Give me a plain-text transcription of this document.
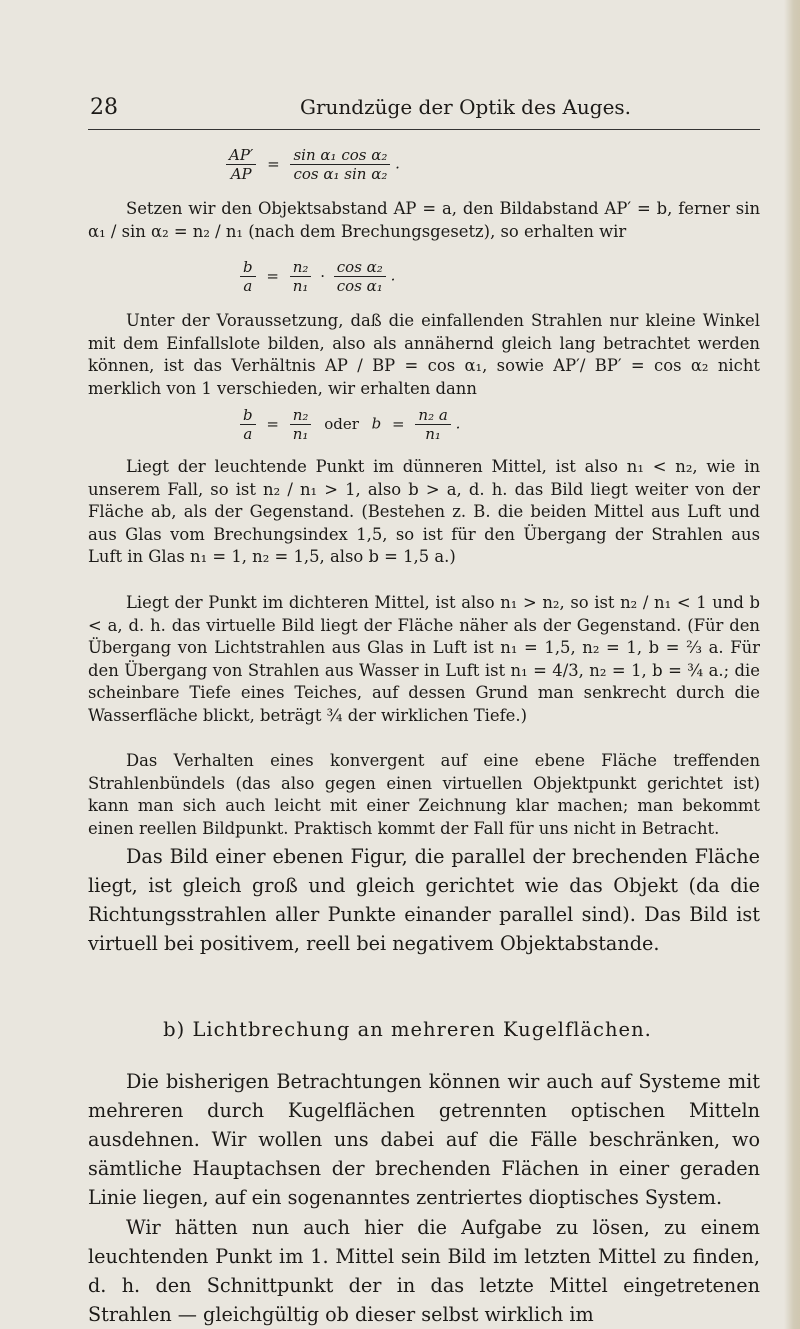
28	Grundzüge der Optik des Auges.
$\frac{AP'}{AP} = \frac{\text{sin α₁ cos α₂}}{\text{cos α₁ sin α₂}}$ .

Setzen wir den Objektsabstand AP = a, den Bildabstand AP′ = b, ferner sin α₁ / sin α₂ = n₂ / n₁ (nach dem Brechungsgesetz), so erhalten wir

$\frac{b}{a} = \frac{\text{n₂}}{\text{n₁}} \cdot \frac{\text{cos α₂}}{\text{cos α₁}}$ .

Unter der Voraussetzung, daß die einfallenden Strahlen nur kleine Winkel mit dem Einfallslote bilden, also als annähernd gleich lang betrachtet werden können, ist das Verhältnis AP / BP = cos α₁, sowie AP′/ BP′ = cos α₂ nicht merklich von 1 verschieden, wir erhalten dann

$\frac{b}{a} = \frac{\text{n₂}}{\text{n₁}}$ oder $b = \frac{\text{n₂ a}}{\text{n₁}}$ .

Liegt der leuchtende Punkt im dünneren Mittel, ist also n₁ < n₂, wie in unserem Fall, so ist n₂ / n₁ > 1, also b > a, d. h. das Bild liegt weiter von der Fläche ab, als der Gegenstand. (Bestehen z. B. die beiden Mittel aus Luft und aus Glas vom Brechungsindex 1,5, so ist für den Übergang der Strahlen aus Luft in Glas n₁ = 1, n₂ = 1,5, also b = 1,5 a.)

Liegt der Punkt im dichteren Mittel, ist also n₁ > n₂, so ist n₂ / n₁ < 1 und b < a, d. h. das virtuelle Bild liegt der Fläche näher als der Gegenstand. (Für den Übergang von Lichtstrahlen aus Glas in Luft ist n₁ = 1,5, n₂ = 1, b = ⅔ a. Für den Übergang von Strahlen aus Wasser in Luft ist n₁ = 4/3, n₂ = 1, b = ¾ a.; die scheinbare Tiefe eines Teiches, auf dessen Grund man senkrecht durch die Wasserfläche blickt, beträgt ¾ der wirklichen Tiefe.)

Das Verhalten eines konvergent auf eine ebene Fläche treffenden Strahlenbündels (das also gegen einen virtuellen Objektpunkt gerichtet ist) kann man sich auch leicht mit einer Zeichnung klar machen; man bekommt einen reellen Bildpunkt. Praktisch kommt der Fall für uns nicht in Betracht.

Das Bild einer ebenen Figur, die parallel der brechenden Fläche liegt, ist gleich groß und gleich gerichtet wie das Objekt (da die Richtungsstrahlen aller Punkte einander parallel sind). Das Bild ist virtuell bei positivem, reell bei negativem Objektabstande.

b) Lichtbrechung an mehreren Kugelflächen.

Die bisherigen Betrachtungen können wir auch auf Systeme mit mehreren durch Kugelflächen getrennten optischen Mitteln ausdehnen. Wir wollen uns dabei auf die Fälle beschränken, wo sämtliche Hauptachsen der brechenden Flächen in einer geraden Linie liegen, auf ein sogenanntes zentriertes dioptisches System.

Wir hätten nun auch hier die Aufgabe zu lösen, zu einem leuchtenden Punkt im 1. Mittel sein Bild im letzten Mittel zu finden, d. h. den Schnittpunkt der in das letzte Mittel eingetretenen Strahlen — gleichgültig ob dieser selbst wirklich im
